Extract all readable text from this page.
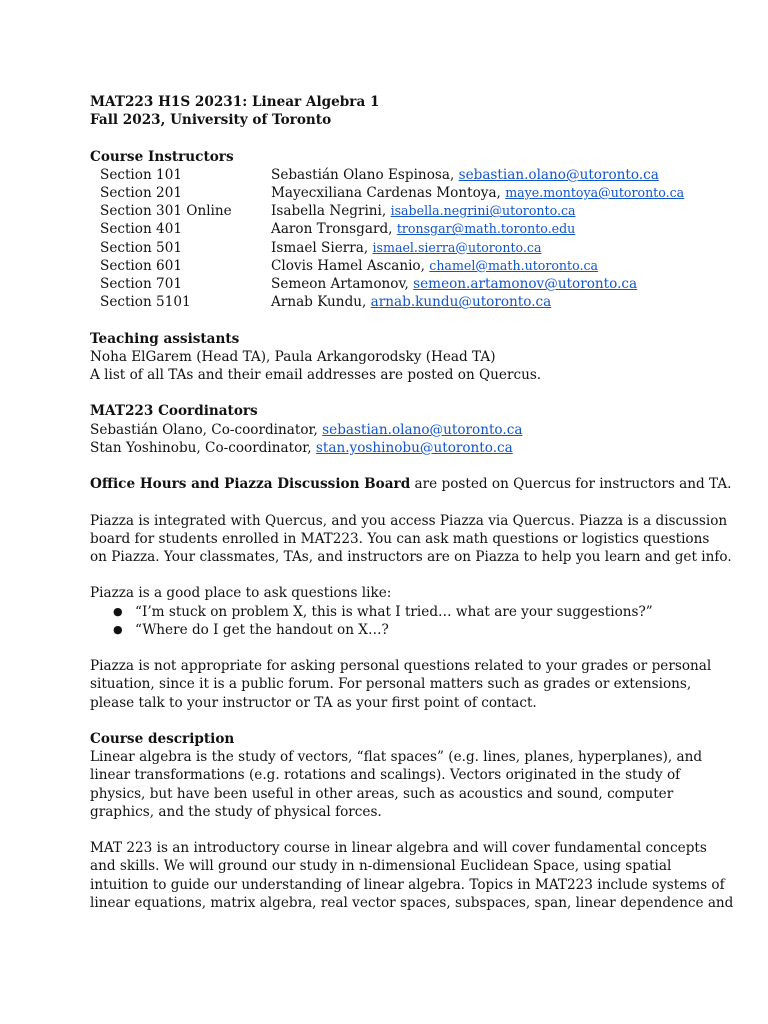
MAT223 H1S 20231: Linear Algebra 1
Fall 2023, University of Toronto
Course Instructors
Section 101	Sebastián Olano Espinosa, sebastian.olano@utoronto.ca
Section 201	Mayecxiliana Cardenas Montoya, maye.montoya@utoronto.ca
Section 301 Online	Isabella Negrini, isabella.negrini@utoronto.ca
Section 401	Aaron Tronsgard, tronsgar@math.toronto.edu
Section 501	Ismael Sierra, ismael.sierra@utoronto.ca
Section 601	Clovis Hamel Ascanio, chamel@math.utoronto.ca
Section 701	Semeon Artamonov, semeon.artamonov@utoronto.ca
Section 5101	Arnab Kundu, arnab.kundu@utoronto.ca
Teaching assistants
Noha ElGarem (Head TA), Paula Arkangorodsky (Head TA)
A list of all TAs and their email addresses are posted on Quercus.
MAT223 Coordinators
Sebastián Olano, Co-coordinator, sebastian.olano@utoronto.ca
Stan Yoshinobu, Co-coordinator, stan.yoshinobu@utoronto.ca
Office Hours and Piazza Discussion Board are posted on Quercus for instructors and TA.
Piazza is integrated with Quercus, and you access Piazza via Quercus. Piazza is a discussion
board for students enrolled in MAT223. You can ask math questions or logistics questions
on Piazza. Your classmates, TAs, and instructors are on Piazza to help you learn and get info.
Piazza is a good place to ask questions like:
● “I’m stuck on problem X, this is what I tried… what are your suggestions?”
● “Where do I get the handout on X…?
Piazza is not appropriate for asking personal questions related to your grades or personal
situation, since it is a public forum. For personal matters such as grades or extensions,
please talk to your instructor or TA as your first point of contact.
Course description
Linear algebra is the study of vectors, “flat spaces” (e.g. lines, planes, hyperplanes), and
linear transformations (e.g. rotations and scalings). Vectors originated in the study of
physics, but have been useful in other areas, such as acoustics and sound, computer
graphics, and the study of physical forces.
MAT 223 is an introductory course in linear algebra and will cover fundamental concepts
and skills. We will ground our study in n-dimensional Euclidean Space, using spatial
intuition to guide our understanding of linear algebra. Topics in MAT223 include systems of
linear equations, matrix algebra, real vector spaces, subspaces, span, linear dependence and
